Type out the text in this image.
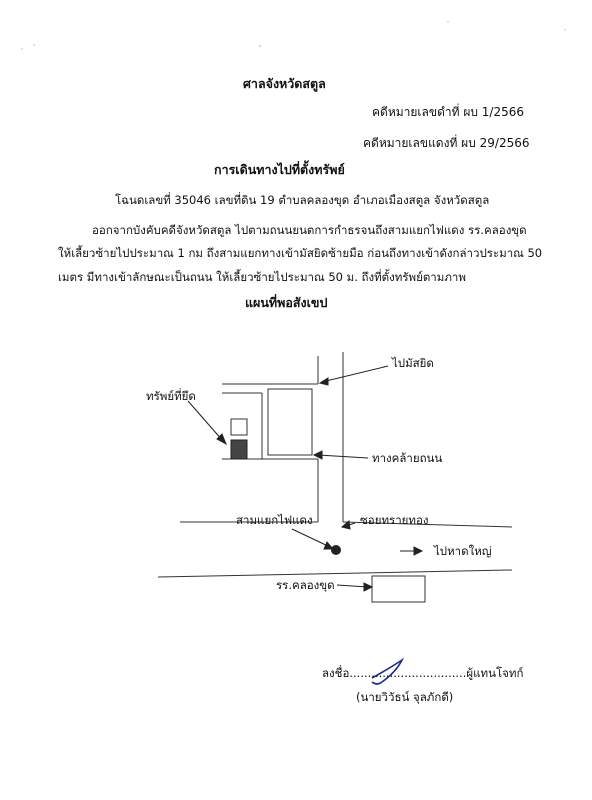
ศาลจังหวัดสตูล
คดีหมายเลขดำที่ ผบ 1/2566
คดีหมายเลขแดงที่ ผบ 29/2566
การเดินทางไปที่ตั้งทรัพย์
โฉนดเลขที่ 35046 เลขที่ดิน 19 ตำบลคลองขุด อำเภอเมืองสตูล จังหวัดสตูล
ออกจากบังคับคดีจังหวัดสตูล ไปตามถนนยนตการกำธรจนถึงสามแยกไฟแดง รร.คลองขุด
ให้เลี้ยวซ้ายไปประมาณ 1 กม ถึงสามแยกทางเข้ามัสยิดซ้ายมือ ก่อนถึงทางเข้าดังกล่าวประมาณ 50
เมตร มีทางเข้าลักษณะเป็นถนน ให้เลี้ยวซ้ายไประมาณ 50 ม. ถึงที่ตั้งทรัพย์ตามภาพ
แผนที่พอสังเขป
ไปมัสยิด
ทรัพย์ที่ยึด
ทางคล้ายถนน
สามแยกไฟแดง	ซอยทรายทอง
ไปหาดใหญ่
รร.คลองขุด
ลงชื่อ................................ผู้แทนโจทก์
(นายวิวัธน์ จุลภักดี)
